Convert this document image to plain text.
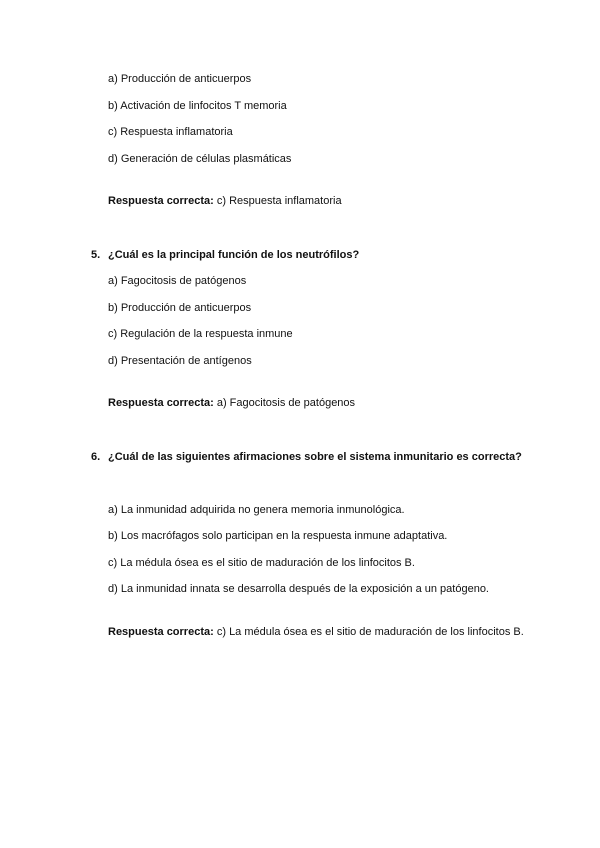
a) Producción de anticuerpos
b) Activación de linfocitos T memoria
c) Respuesta inflamatoria
d) Generación de células plasmáticas
Respuesta correcta: c) Respuesta inflamatoria
5. ¿Cuál es la principal función de los neutrófilos?
a) Fagocitosis de patógenos
b) Producción de anticuerpos
c) Regulación de la respuesta inmune
d) Presentación de antígenos
Respuesta correcta: a) Fagocitosis de patógenos
6. ¿Cuál de las siguientes afirmaciones sobre el sistema inmunitario es correcta?
a) La inmunidad adquirida no genera memoria inmunológica.
b) Los macrófagos solo participan en la respuesta inmune adaptativa.
c) La médula ósea es el sitio de maduración de los linfocitos B.
d) La inmunidad innata se desarrolla después de la exposición a un patógeno.
Respuesta correcta: c) La médula ósea es el sitio de maduración de los linfocitos B.
